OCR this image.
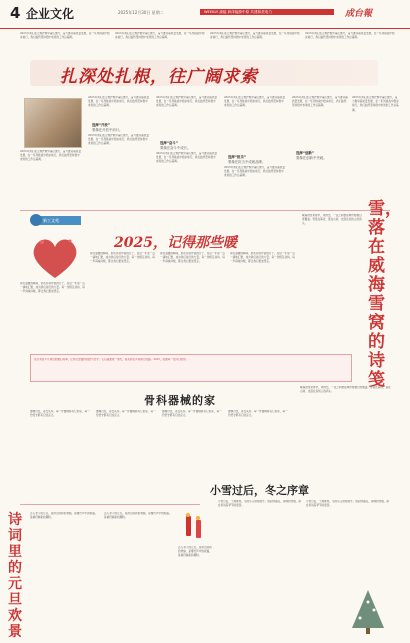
4 企业文化	2025年12月30日 星期二	WEEKLY 渝能 润泽能源中原 共建和美电力	成台報
2025年我们在合规护航中凝心聚力，奋力推动高质量发展，在一系列挑战中稳步前行，我们始终坚持稳中求进的工作总基调。
2025年我们在合规护航中凝心聚力，奋力推动高质量发展，在一系列挑战中稳步前行，我们始终坚持稳中求进的工作总基调。
2025年我们在合规护航中凝心聚力，奋力推动高质量发展，在一系列挑战中稳步前行，我们始终坚持稳中求进的工作总基调。
2025年我们在合规护航中凝心聚力，奋力推动高质量发展，在一系列挑战中稳步前行，我们始终坚持稳中求进的工作总基调。
扎深处扎根，往广阔求索
2025年我们在合规护航中凝心聚力，奋力推动高质量发展，在一系列挑战中稳步前行，我们始终坚持稳中求进的工作总基调。
2025年我们在合规护航中凝心聚力，奋力推动高质量发展，在一系列挑战中稳步前行，我们始终坚持稳中求进的工作总基调。
选择“开放”
要像在开放中前行。
2025年我们在合规护航中凝心聚力，奋力推动高质量发展，在一系列挑战中稳步前行，我们始终坚持稳中求进的工作总基调。
2025年我们在合规护航中凝心聚力，奋力推动高质量发展，在一系列挑战中稳步前行，我们始终坚持稳中求进的工作总基调。
选择“奋斗”
要像在奋斗中成长。
2025年我们在合规护航中凝心聚力，奋力推动高质量发展，在一系列挑战中稳步前行，我们始终坚持稳中求进的工作总基调。
2025年我们在合规护航中凝心聚力，奋力推动高质量发展，在一系列挑战中稳步前行，我们始终坚持稳中求进的工作总基调。
选择“担当”
要像在担当中成就品牌。
2025年我们在合规护航中凝心聚力，奋力推动高质量发展，在一系列挑战中稳步前行，我们始终坚持稳中求进的工作总基调。
2025年我们在合规护航中凝心聚力，奋力推动高质量发展，在一系列挑战中稳步前行，我们始终坚持稳中求进的工作总基调。
2025年我们在合规护航中凝心聚力，奋力推动高质量发展，在一系列挑战中稳步前行，我们始终坚持稳中求进的工作总基调。
选择“创新”
要像在创新中突破。
新工文苑
2025，记得那些暖
那些温暖的瞬间，那些并肩作战的日子，在这一年里一点一滴地汇聚，成为我们前行的力量。每一次相互扶持，每一声真诚问候，都让我们更加坚定。
那些温暖的瞬间，那些并肩作战的日子，在这一年里一点一滴地汇聚，成为我们前行的力量。每一次相互扶持，每一声真诚问候，都让我们更加坚定。
那些温暖的瞬间，那些并肩作战的日子，在这一年里一点一滴地汇聚，成为我们前行的力量。每一次相互扶持，每一声真诚问候，都让我们更加坚定。
那些温暖的瞬间，那些并肩作战的日子，在这一年里一点一滴地汇聚，成为我们前行的力量。每一次相互扶持，每一声真诚问候，都让我们更加坚定。
这些来自平凡岗位的暖心故事，让我们更懂得团结与坚守。它们凝聚成一道光，照亮我们共同前行的路。2025，感谢每一位同行的你。
威海的雪来得早，来得急，一夜之间整座城市便被白雪覆盖。雪落在海边，落在山间，也落在巡线人的肩头。
雪，落在威海雪窝的诗笺
威海的雪来得早，来得急，一夜之间整座城市便被白雪覆盖。雪落在海边，落在山间，也落在巡线人的肩头。
骨科器械的家
器械归位，各安其所。每一件器械都有它的家，每一份坚守都有它的意义。
器械归位，各安其所。每一件器械都有它的家，每一份坚守都有它的意义。
器械归位，各安其所。每一件器械都有它的家，每一份坚守都有它的意义。
器械归位，各安其所。每一件器械都有它的家，每一份坚守都有它的意义。
诗词里的元旦欢景
古人笔下的元旦，是辞旧迎新的欢愉，是爆竹声中的祝福，是桃符换新的期盼。
古人笔下的元旦，是辞旧迎新的欢愉，是爆竹声中的祝福，是桃符换新的期盼。
古人笔下的元旦，是辞旧迎新的欢愉，是爆竹声中的祝福，是桃符换新的期盼。
小雪过后，冬之序章
小雪过后，天地渐寒，冬的序章徐徐展开。晨起的霜花，傍晚的炊烟，都在诉说着季节的更替。
小雪过后，天地渐寒，冬的序章徐徐展开。晨起的霜花，傍晚的炊烟，都在诉说着季节的更替。
